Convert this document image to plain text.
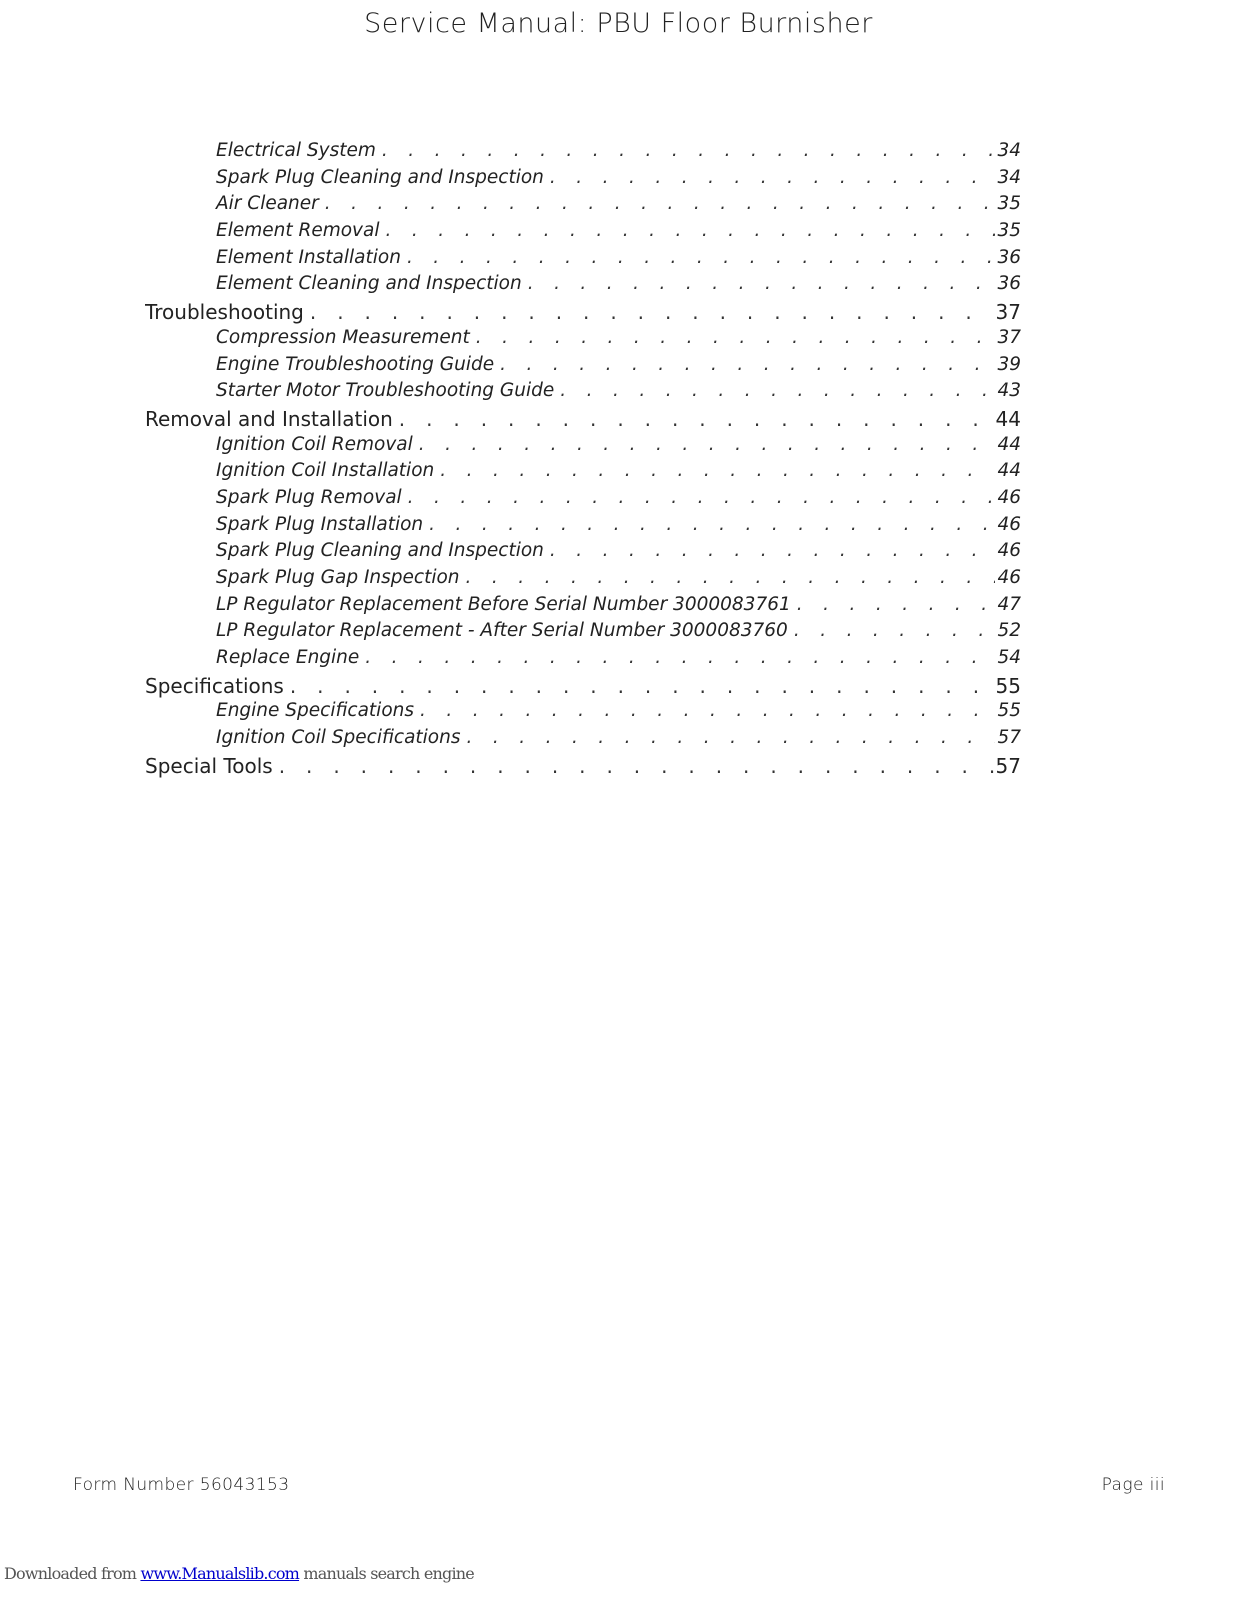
Service Manual: PBU Floor Burnisher
Electrical System . . .	34
Spark Plug Cleaning and Inspection . . .	34
Air Cleaner . . .	35
Element Removal . . .	35
Element Installation . . .	36
Element Cleaning and Inspection . . .	36
Troubleshooting . . .	37
Compression Measurement . . .	37
Engine Troubleshooting Guide . . .	39
Starter Motor Troubleshooting Guide . . .	43
Removal and Installation . . .	44
Ignition Coil Removal . . .	44
Ignition Coil Installation . . .	44
Spark Plug Removal . . .	46
Spark Plug Installation . . .	46
Spark Plug Cleaning and Inspection . . .	46
Spark Plug Gap Inspection . . .	46
LP Regulator Replacement Before Serial Number 3000083761 . . .	47
LP Regulator Replacement - After Serial Number 3000083760 . . .	52
Replace Engine . . .	54
Specifications . . .	55
Engine Specifications . . .	55
Ignition Coil Specifications . . .	57
Special Tools . . .	57
Form Number 56043153	Page iii
Downloaded from www.Manualslib.com manuals search engine
